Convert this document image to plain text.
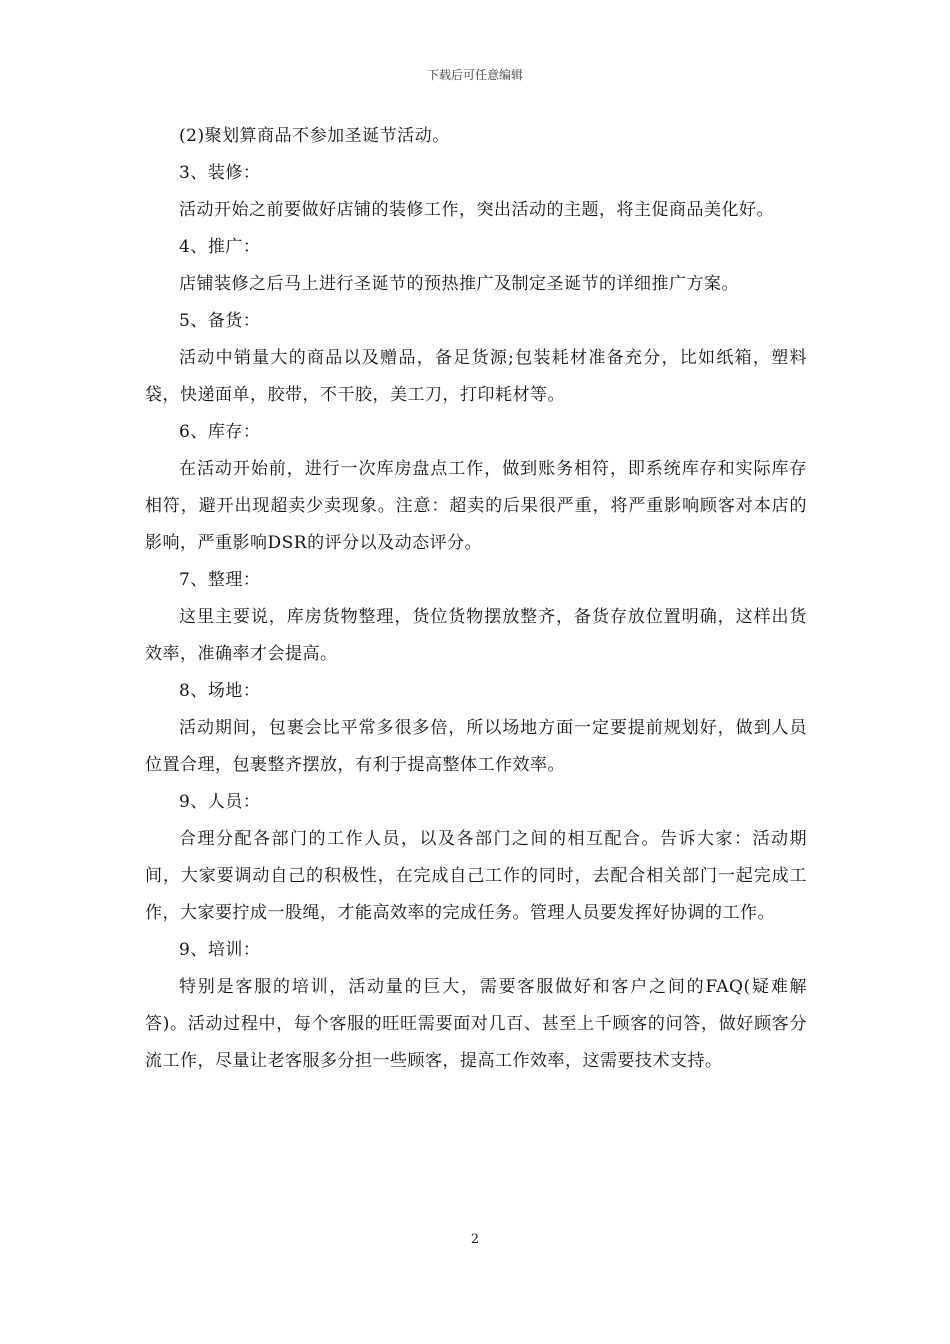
下载后可任意编辑

(2)聚划算商品不参加圣诞节活动。

3、装修：

活动开始之前要做好店铺的装修工作，突出活动的主题，将主促商品美化好。

4、推广：

店铺装修之后马上进行圣诞节的预热推广及制定圣诞节的详细推广方案。

5、备货：

活动中销量大的商品以及赠品，备足货源;包装耗材准备充分，比如纸箱，塑料袋，快递面单，胶带，不干胶，美工刀，打印耗材等。

6、库存：

在活动开始前，进行一次库房盘点工作，做到账务相符，即系统库存和实际库存相符，避开出现超卖少卖现象。注意：超卖的后果很严重，将严重影响顾客对本店的影响，严重影响DSR的评分以及动态评分。

7、整理：

这里主要说，库房货物整理，货位货物摆放整齐，备货存放位置明确，这样出货效率，准确率才会提高。

8、场地：

活动期间，包裹会比平常多很多倍，所以场地方面一定要提前规划好，做到人员位置合理，包裹整齐摆放，有利于提高整体工作效率。

9、人员：

合理分配各部门的工作人员，以及各部门之间的相互配合。告诉大家：活动期间，大家要调动自己的积极性，在完成自己工作的同时，去配合相关部门一起完成工作，大家要拧成一股绳，才能高效率的完成任务。管理人员要发挥好协调的工作。

9、培训：

特别是客服的培训，活动量的巨大，需要客服做好和客户之间的FAQ(疑难解答)。活动过程中，每个客服的旺旺需要面对几百、甚至上千顾客的问答，做好顾客分流工作，尽量让老客服多分担一些顾客，提高工作效率，这需要技术支持。

2
